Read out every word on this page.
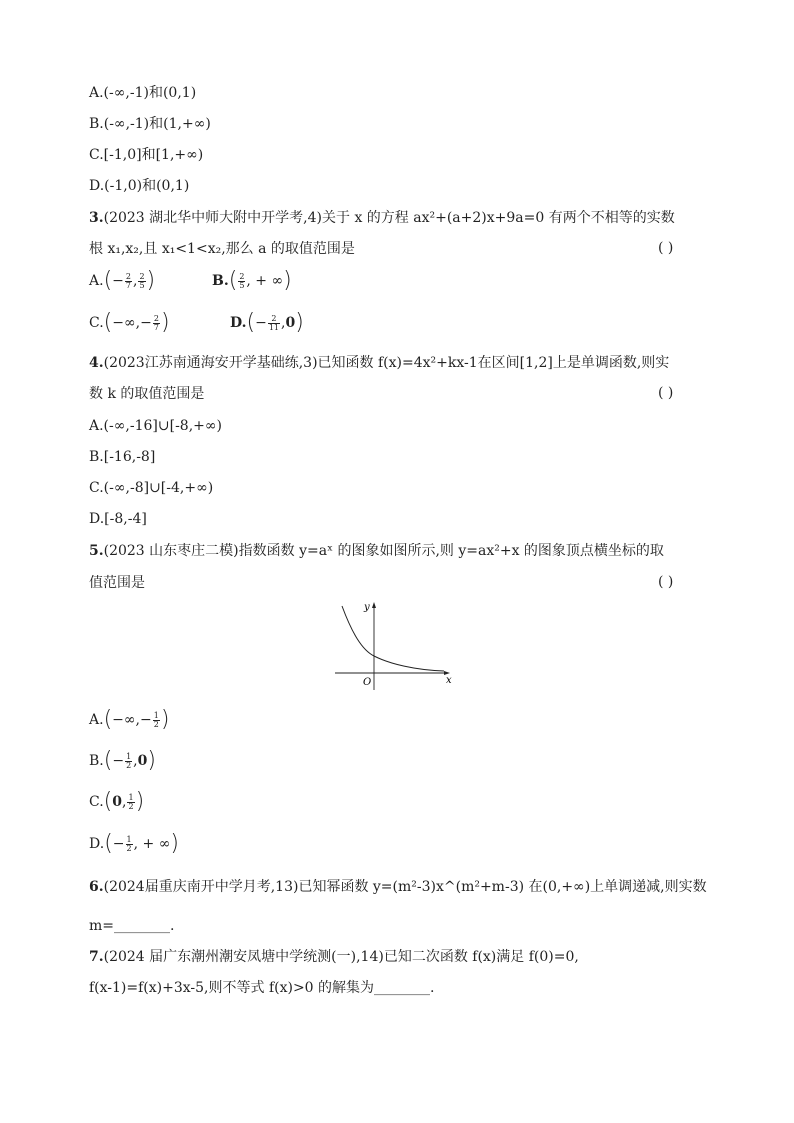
A.(-∞,-1)和(0,1)
B.(-∞,-1)和(1,+∞)
C.[-1,0]和[1,+∞)
D.(-1,0)和(0,1)
3.(2023 湖北华中师大附中开学考,4)关于 x 的方程 ax²+(a+2)x+9a=0 有两个不相等的实数
根 x₁,x₂,且 x₁<1<x₂,那么 a 的取值范围是	( )
$A.(- \frac{2}{7}$ , $\frac{2}{5}$ )	$B.( \frac{2}{5}$ , + ∞)
$C.(-\infty,- \frac{2}{7}$ )	$D.(- \frac{2}{11} ,0)$
4.(2023江苏南通海安开学基础练,3)已知函数 f(x)=4x²+kx-1在区间[1,2]上是单调函数,则实
数 k 的取值范围是	( )
A.(-∞,-16]∪[-8,+∞)
B.[-16,-8]
C.(-∞,-8]∪[-4,+∞)
D.[-8,-4]
5.(2023 山东枣庄二模)指数函数 y=aˣ 的图象如图所示,则 y=ax²+x 的图象顶点横坐标的取
值范围是	( )
y
x
O
$A.(-\infty,- \frac{1}{2}$ )
$B.(- \frac{1}{2} ,0)$
C.(0, $\frac{1}{2}$ )
$D.(- \frac{1}{2}$ , + ∞)
6.(2024届重庆南开中学月考,13)已知幂函数 y=(m²-3)x^(m²+m-3) 在(0,+∞)上单调递减,则实数
m=________.
7.(2024 届广东潮州潮安凤塘中学统测(一),14)已知二次函数 f(x)满足 f(0)=0,
f(x-1)=f(x)+3x-5,则不等式 f(x)>0 的解集为________.
